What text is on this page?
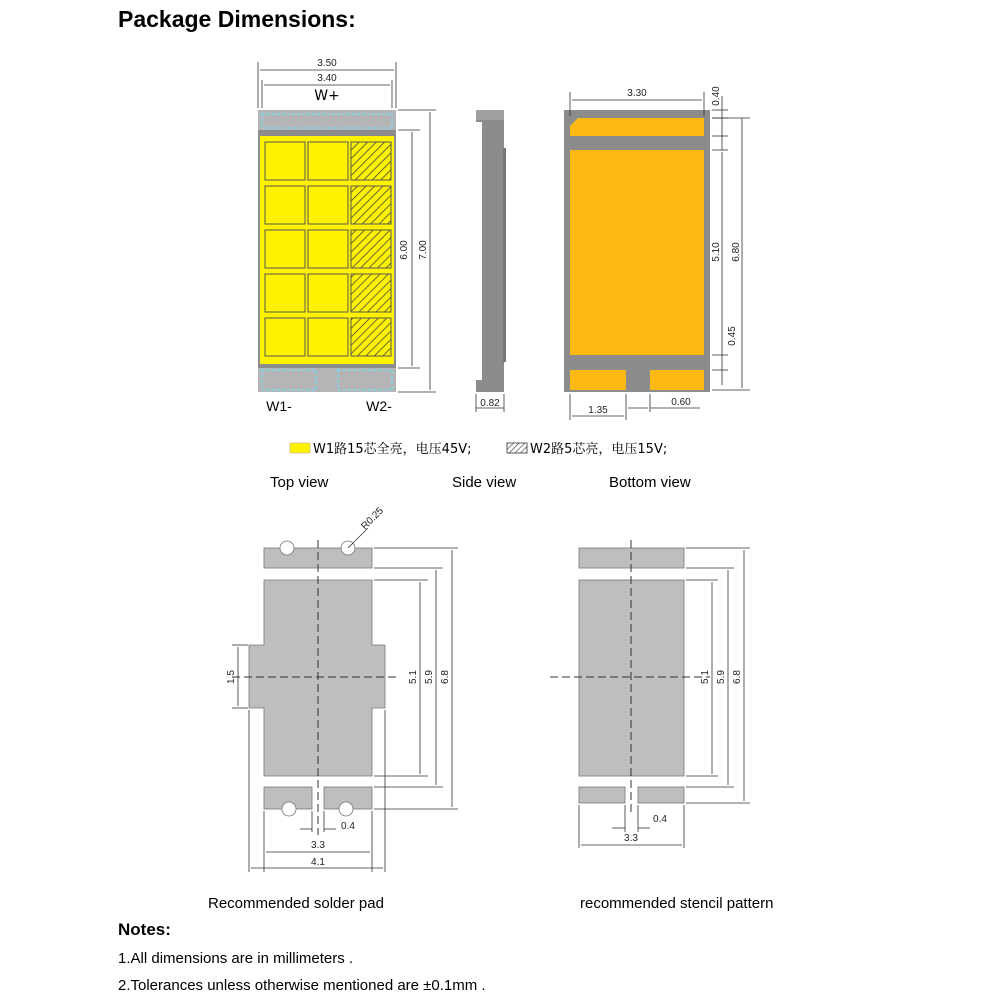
Package Dimensions:
W+
W1-	W2-
3.50
3.40
6.00 7.00
0.82
3.30	0.40
5.10 6.80
0.45
1.35
0.60
W1路15芯全亮，电压45V;	W2路5芯亮，电压15V;
R0.25
1.5	5.1 5.9 6.8
0.4
3.3
4.1
5.1 5.9 6.8
0.4
3.3
Top view	Side view	Bottom view
Recommended solder pad	recommended stencil pattern
Notes:
1.All dimensions are in millimeters .
2.Tolerances unless otherwise mentioned are ±0.1mm .
